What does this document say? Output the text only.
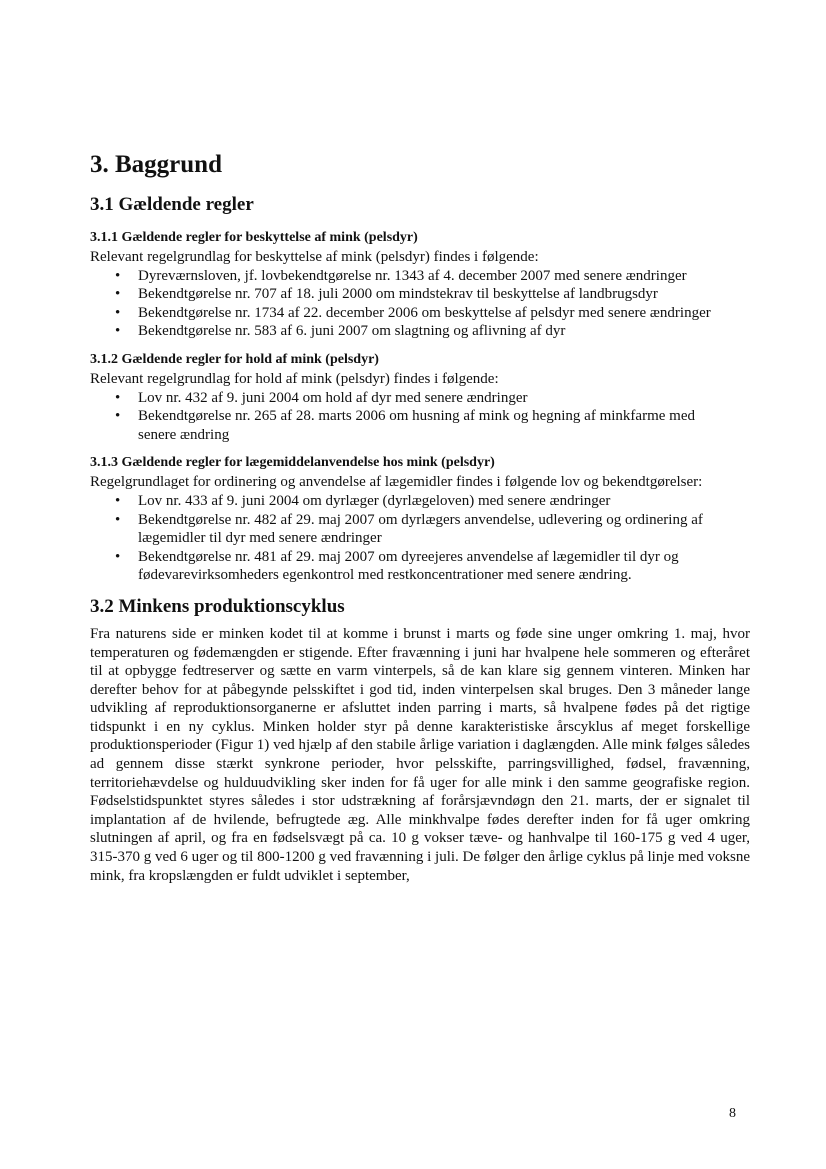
3. Baggrund
3.1 Gældende regler
3.1.1 Gældende regler for beskyttelse af mink (pelsdyr)

Relevant regelgrundlag for beskyttelse af mink (pelsdyr) findes i følgende:

• Dyreværnsloven, jf. lovbekendtgørelse nr. 1343 af 4. december 2007 med senere ændringer
• Bekendtgørelse nr. 707 af 18. juli 2000 om mindstekrav til beskyttelse af landbrugsdyr
• Bekendtgørelse nr. 1734 af 22. december 2006 om beskyttelse af pelsdyr med senere ændringer
• Bekendtgørelse nr. 583 af 6. juni 2007 om slagtning og aflivning af dyr
3.1.2 Gældende regler for hold af mink (pelsdyr)

Relevant regelgrundlag for hold af mink (pelsdyr) findes i følgende:

• Lov nr. 432 af 9. juni 2004 om hold af dyr med senere ændringer
• Bekendtgørelse nr. 265 af 28. marts 2006 om husning af mink og hegning af minkfarme med senere ændring
3.1.3 Gældende regler for lægemiddelanvendelse hos mink (pelsdyr)

Regelgrundlaget for ordinering og anvendelse af lægemidler findes i følgende lov og bekendtgørelser:

• Lov nr. 433 af 9. juni 2004 om dyrlæger (dyrlægeloven) med senere ændringer
• Bekendtgørelse nr. 482 af 29. maj 2007 om dyrlægers anvendelse, udlevering og ordinering af lægemidler til dyr med senere ændringer
• Bekendtgørelse nr. 481 af 29. maj 2007 om dyreejeres anvendelse af lægemidler til dyr og fødevarevirksomheders egenkontrol med restkoncentrationer med senere ændring.
3.2 Minkens produktionscyklus

Fra naturens side er minken kodet til at komme i brunst i marts og føde sine unger omkring 1. maj, hvor temperaturen og fødemængden er stigende. Efter fravænning i juni har hvalpene hele sommeren og efteråret til at opbygge fedtreserver og sætte en varm vinterpels, så de kan klare sig gennem vinteren. Minken har derefter behov for at påbegynde pelsskiftet i god tid, inden vinterpelsen skal bruges. Den 3 måneder lange udvikling af reproduktionsorganerne er afsluttet inden parring i marts, så hvalpene fødes på det rigtige tidspunkt i en ny cyklus. Minken holder styr på denne karakteristiske årscyklus af meget forskellige produktionsperioder (Figur 1) ved hjælp af den stabile årlige variation i daglængden. Alle mink følges således ad gennem disse stærkt synkrone perioder, hvor pelsskifte, parringsvillighed, fødsel, fravænning, territoriehævdelse og hulduudvikling sker inden for få uger for alle mink i den samme geografiske region. Fødselstidspunktet styres således i stor udstrækning af forårsjævndøgn den 21. marts, der er signalet til implantation af de hvilende, befrugtede æg. Alle minkhvalpe fødes derefter inden for få uger omkring slutningen af april, og fra en fødselsvægt på ca. 10 g vokser tæve- og hanhvalpe til 160-175 g ved 4 uger, 315-370 g ved 6 uger og til 800-1200 g ved fravænning i juli. De følger den årlige cyklus på linje med voksne mink, fra kropslængden er fuldt udviklet i september,

8
